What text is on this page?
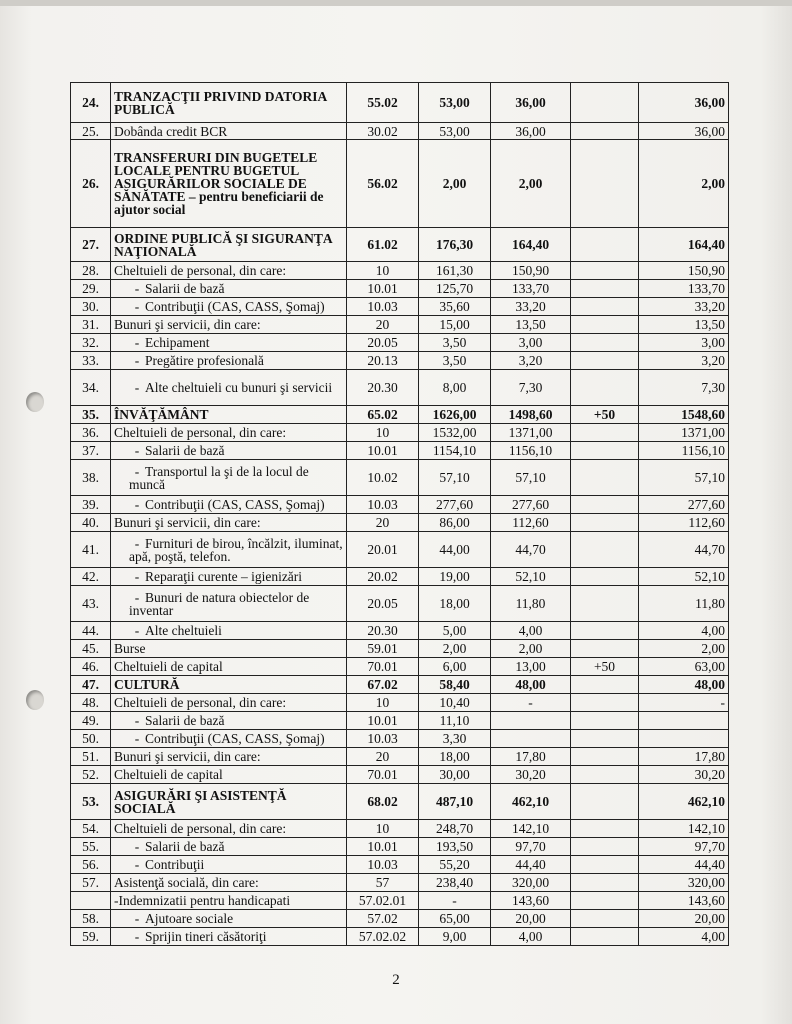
24.	TRANZACŢII PRIVIND DATORIA PUBLICĂ	55.02	53,00	36,00		36,00
25.	Dobânda credit BCR	30.02	53,00	36,00		36,00
26.	TRANSFERURI DIN BUGETELE LOCALE PENTRU BUGETUL ASIGURĂRILOR SOCIALE DE SĂNĂTATE – pentru beneficiarii de ajutor social	56.02	2,00	2,00		2,00
27.	ORDINE PUBLICĂ ŞI SIGURANŢA NAŢIONALĂ	61.02	176,30	164,40		164,40
28.	Cheltuieli de personal, din care:	10	161,30	150,90		150,90
29.	- Salarii de bază	10.01	125,70	133,70		133,70
30.	- Contribuţii (CAS, CASS, Şomaj)	10.03	35,60	33,20		33,20
31.	Bunuri şi servicii, din care:	20	15,00	13,50		13,50
32.	- Echipament	20.05	3,50	3,00		3,00
33.	- Pregătire profesională	20.13	3,50	3,20		3,20
34.	- Alte cheltuieli cu bunuri şi servicii	20.30	8,00	7,30		7,30
35.	ÎNVĂŢĂMÂNT	65.02	1626,00	1498,60	+50	1548,60
36.	Cheltuieli de personal, din care:	10	1532,00	1371,00		1371,00
37.	- Salarii de bază	10.01	1154,10	1156,10		1156,10
38.	- Transportul la şi de la locul de muncă	10.02	57,10	57,10		57,10
39.	- Contribuţii (CAS, CASS, Şomaj)	10.03	277,60	277,60		277,60
40.	Bunuri şi servicii, din care:	20	86,00	112,60		112,60
41.	- Furnituri de birou, încălzit, iluminat, apă, poştă, telefon.	20.01	44,00	44,70		44,70
42.	- Reparaţii curente – igienizări	20.02	19,00	52,10		52,10
43.	- Bunuri de natura obiectelor de inventar	20.05	18,00	11,80		11,80
44.	- Alte cheltuieli	20.30	5,00	4,00		4,00
45.	Burse	59.01	2,00	2,00		2,00
46.	Cheltuieli de capital	70.01	6,00	13,00	+50	63,00
47.	CULTURĂ	67.02	58,40	48,00		48,00
48.	Cheltuieli de personal, din care:	10	10,40	-		-
49.	- Salarii de bază	10.01	11,10			
50.	- Contribuţii (CAS, CASS, Şomaj)	10.03	3,30			
51.	Bunuri şi servicii, din care:	20	18,00	17,80		17,80
52.	Cheltuieli de capital	70.01	30,00	30,20		30,20
53.	ASIGURĂRI ŞI ASISTENŢĂ SOCIALĂ	68.02	487,10	462,10		462,10
54.	Cheltuieli de personal, din care:	10	248,70	142,10		142,10
55.	- Salarii de bază	10.01	193,50	97,70		97,70
56.	- Contribuţii	10.03	55,20	44,40		44,40
57.	Asistenţă socială, din care:	57	238,40	320,00		320,00
	-Indemnizatii pentru handicapati	57.02.01	-	143,60		143,60
58.	- Ajutoare sociale	57.02	65,00	20,00		20,00
59.	- Sprijin tineri căsătoriţi	57.02.02	9,00	4,00		4,00
2
